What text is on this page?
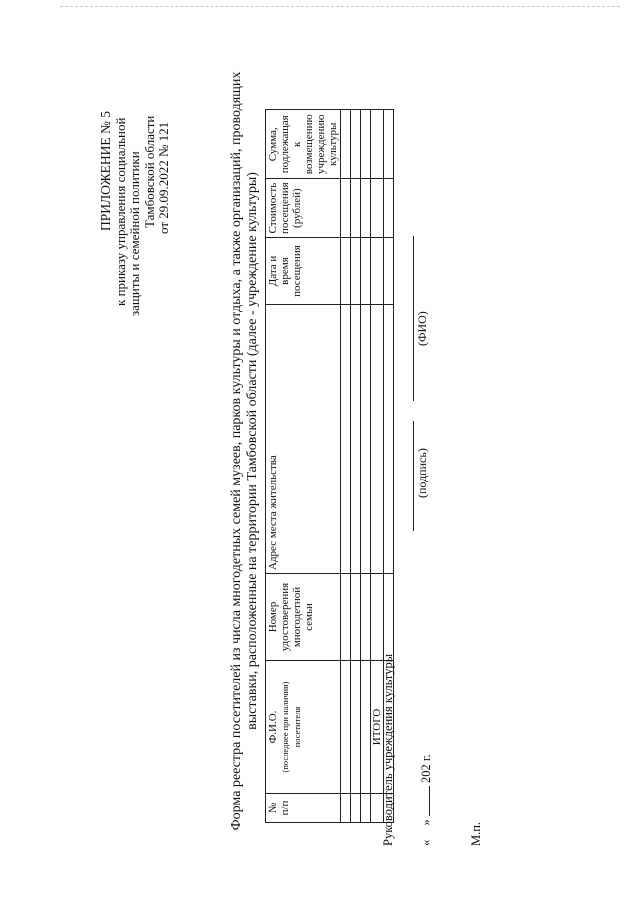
ПРИЛОЖЕНИЕ № 5 к приказу управления социальной защиты и семейной политики Тамбовской области от 29.09.2022 № 121	Форма реестра посетителей из числа многодетных семей музеев, парков культуры и отдыха, а также организаций, проводящих выставки, расположенные на территории Тамбовской области (далее - учреждение культуры)
№ п/п	Ф.И.О. (последнее при наличии) посетителя	Номер удостоверения многодетной семьи	Адрес места жительства	Дата и время посещения	Стоимость посещения (рублей)	Сумма, подлежащая к возмещению учреждению культуры

	ИТОГО					

Руководитель учреждения культуры
(подпись)
(ФИО)
«  »  202 г.
М.п.
